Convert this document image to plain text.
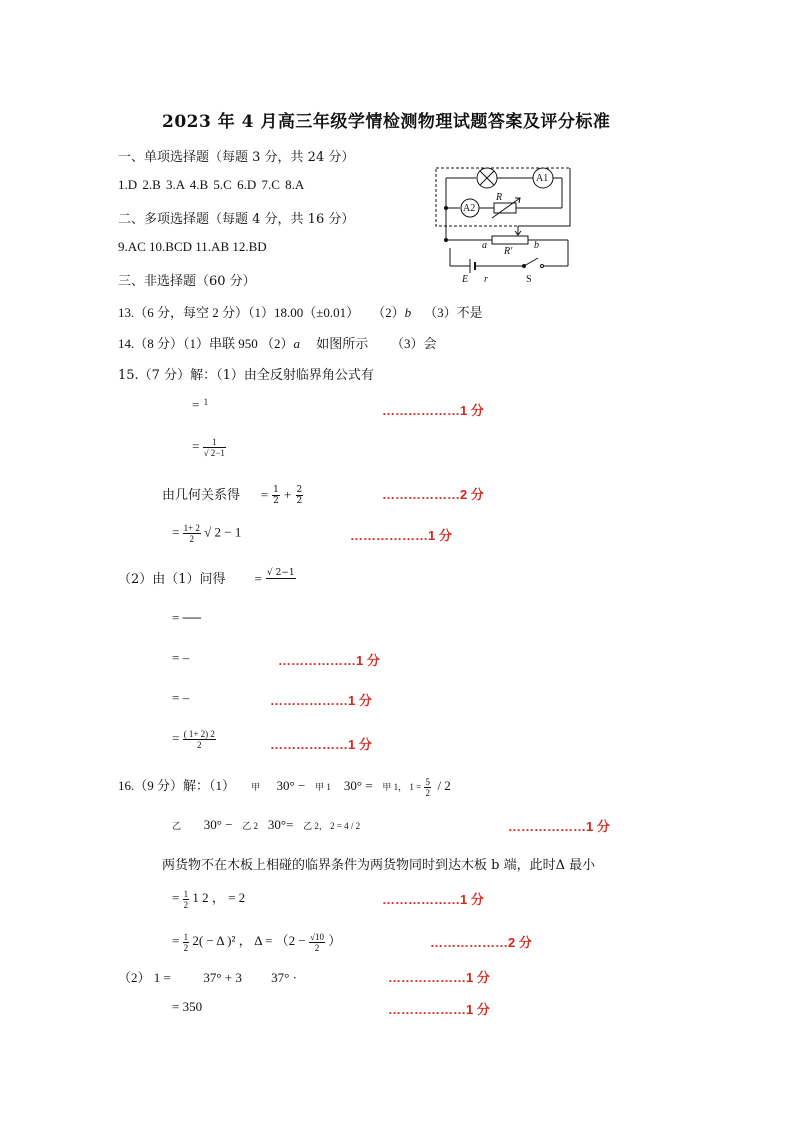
2023 年 4 月高三年级学情检测物理试题答案及评分标准
一、单项选择题（每题 3 分，共 24 分）
1.D 2.B 3.A 4.B 5.C 6.D 7.C 8.A
二、多项选择题（每题 4 分，共 16 分）
9.AC 10.BCD 11.AB 12.BD
三、非选择题（60 分）
A1
A2
R
a
R'
b
E r	S
13.（6 分，每空 2 分）（1）18.00（±0.01） （2）b （3）不是
14.（8 分）（1）串联 950 （2）a 如图所示 （3）会
15.（7 分）解：（1）由全反射临界角公式有
= 1
………………1 分
= $\frac{1}{√ 2-1}$
由几何关系得 = $\frac{1}{2} + \frac{2}{2}$	………………2 分
= $\frac{1+ 2}{2}$ √ 2 − 1	………………1 分
（2）由（1）问得 = √ 2−1
= ──
= –	………………1 分
= –	………………1 分
= $\frac{( 1+ 2) 2}{2}$	………………1 分
16.（9 分）解：（1） 甲 30° − 甲 1 30° = 甲 1， $1 = \frac{5}{2} / 2$
乙 30° − 乙 2 30°= 乙 2， 2 = 4 / 2	………………1 分
两货物不在木板上相碰的临界条件为两货物同时到达木板 b 端，此时Δ 最小
= $\frac{1}{2} 1$ 2 ， = 2	………………1 分
= $\frac{1}{2} 2( - \Delta$ )² ， $\Delta = (2 - \frac{√10}{2}$ ）	………………2 分
（2） 1 =	37° + 3 37° ·	………………1 分
= 350	………………1 分
